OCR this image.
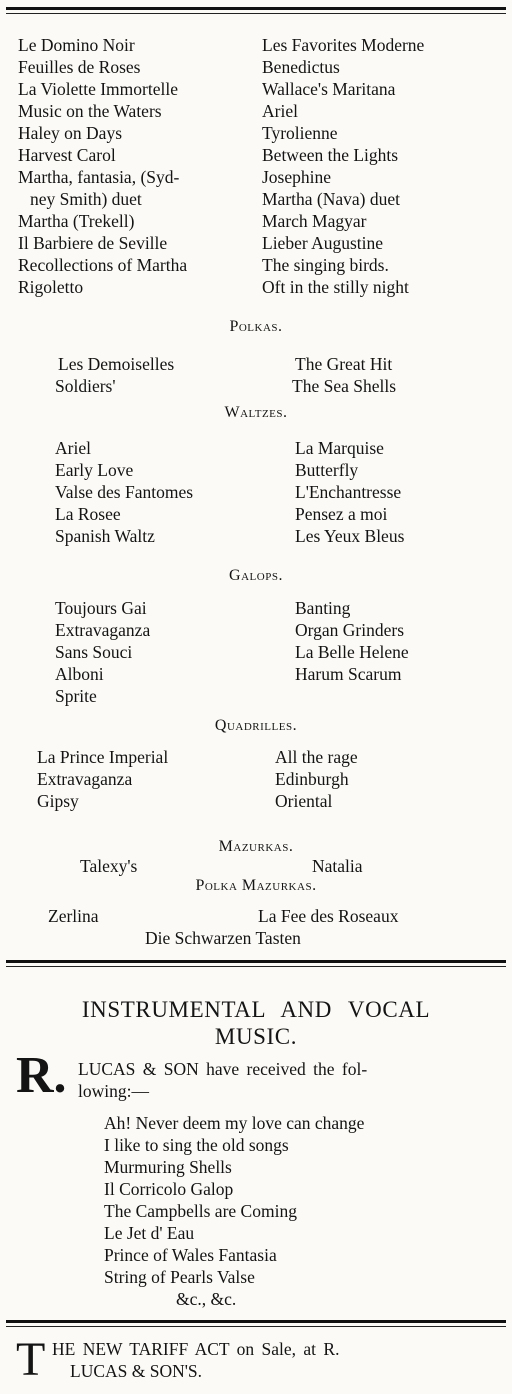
Le Domino Noir
Feuilles de Roses
La Violette Immortelle
Music on the Waters
Haley on Days
Harvest Carol
Martha, fantasia, (Syd-
ney Smith) duet
Martha (Trekell)
Il Barbiere de Seville
Recollections of Martha
Rigoletto
Les Favorites Moderne
Benedictus
Wallace's Maritana
Ariel
Tyrolienne
Between the Lights
Josephine
Martha (Nava) duet
March Magyar
Lieber Augustine
The singing birds.
Oft in the stilly night
Polkas.
Les Demoiselles
Soldiers'
The Great Hit
The Sea Shells
Waltzes.
Ariel
Early Love
Valse des Fantomes
La Rosee
Spanish Waltz
La Marquise
Butterfly
L'Enchantresse
Pensez a moi
Les Yeux Bleus
Galops.
Toujours Gai
Extravaganza
Sans Souci
Alboni
Sprite
Banting
Organ Grinders
La Belle Helene
Harum Scarum
Quadrilles.
La Prince Imperial
Extravaganza
Gipsy
All the rage
Edinburgh
Oriental
Mazurkas.
Talexy's	Natalia
Polka Mazurkas.
Zerlina	La Fee des Roseaux
Die Schwarzen Tasten
INSTRUMENTAL AND VOCAL
MUSIC.
R. LUCAS & SON have received the fol-
lowing:—
Ah! Never deem my love can change
I like to sing the old songs
Murmuring Shells
Il Corricolo Galop
The Campbells are Coming
Le Jet d' Eau
Prince of Wales Fantasia
String of Pearls Valse
&c., &c.
T HE NEW TARIFF ACT on Sale, at R.
LUCAS & SON'S.
